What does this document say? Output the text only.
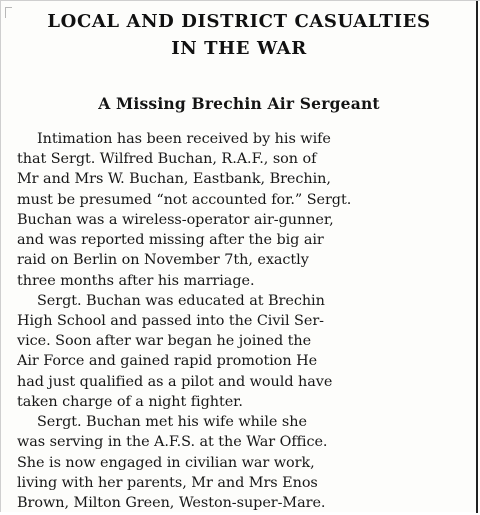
LOCAL AND DISTRICT CASUALTIES
IN THE WAR
A Missing Brechin Air Sergeant

Intimation has been received by his wife

that Sergt. Wilfred Buchan, R.A.F., son of

Mr and Mrs W. Buchan, Eastbank, Brechin,

must be presumed “not accounted for.” Sergt.

Buchan was a wireless-operator air-gunner,

and was reported missing after the big air

raid on Berlin on November 7th, exactly

three months after his marriage.

Sergt. Buchan was educated at Brechin

High School and passed into the Civil Ser-

vice. Soon after war began he joined the

Air Force and gained rapid promotion He

had just qualified as a pilot and would have

taken charge of a night fighter.

Sergt. Buchan met his wife while she

was serving in the A.F.S. at the War Office.

She is now engaged in civilian war work,

living with her parents, Mr and Mrs Enos

Brown, Milton Green, Weston-super-Mare.
